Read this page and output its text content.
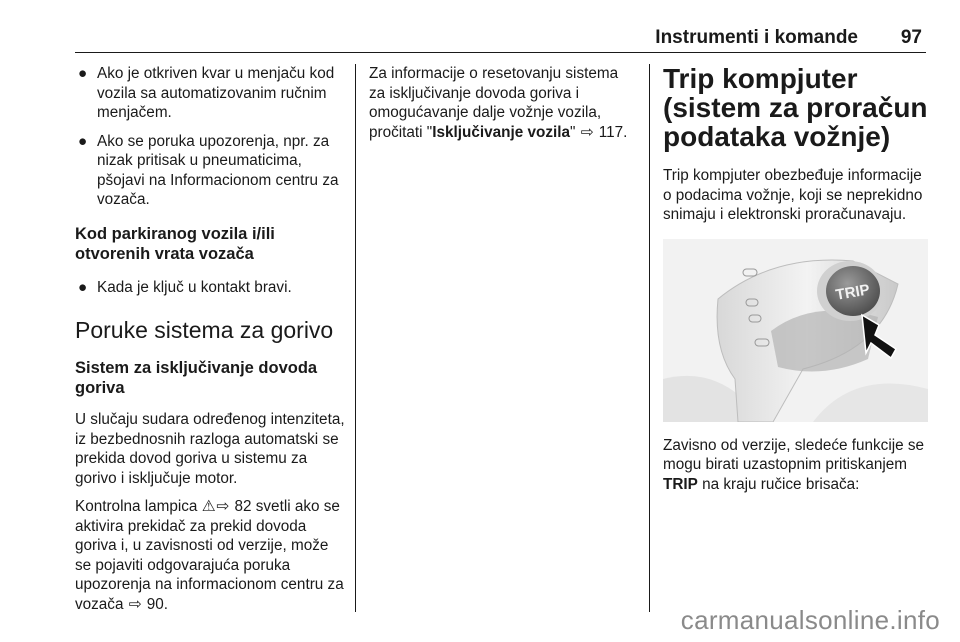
Instrumenti i komande 97
● Ako je otkriven kvar u menjaču kod vozila sa automatizovanim ručnim menjačem.
● Ako se poruka upozorenja, npr. za nizak pritisak u pneumaticima, pšojavi na Informacionom centru za vozača.
Kod parkiranog vozila i/ili otvorenih vrata vozača
● Kada je ključ u kontakt bravi.
Poruke sistema za gorivo
Sistem za isključivanje dovoda goriva

U slučaju sudara određenog intenziteta, iz bezbednosnih razloga automatski se prekida dovod goriva u sistemu za gorivo i isključuje motor.

Kontrolna lampica ⚠⇨ 82 svetli ako se aktivira prekidač za prekid dovoda goriva i, u zavisnosti od verzije, može se pojaviti odgovarajuća poruka upozorenja na informacionom centru za vozača ⇨ 90.

Za informacije o resetovanju sistema za isključivanje dovoda goriva i omogućavanje dalje vožnje vozila, pročitati "Isključivanje vozila" ⇨ 117.

Trip kompjuter (sistem za proračun podataka vožnje)

Trip kompjuter obezbeđuje informacije o podacima vožnje, koji se neprekidno snimaju i elektronski proračunavaju.

TRIP

Zavisno od verzije, sledeće funkcije se mogu birati uzastopnim pritiskanjem TRIP na kraju ručice brisača:

carmanualsonline.info
